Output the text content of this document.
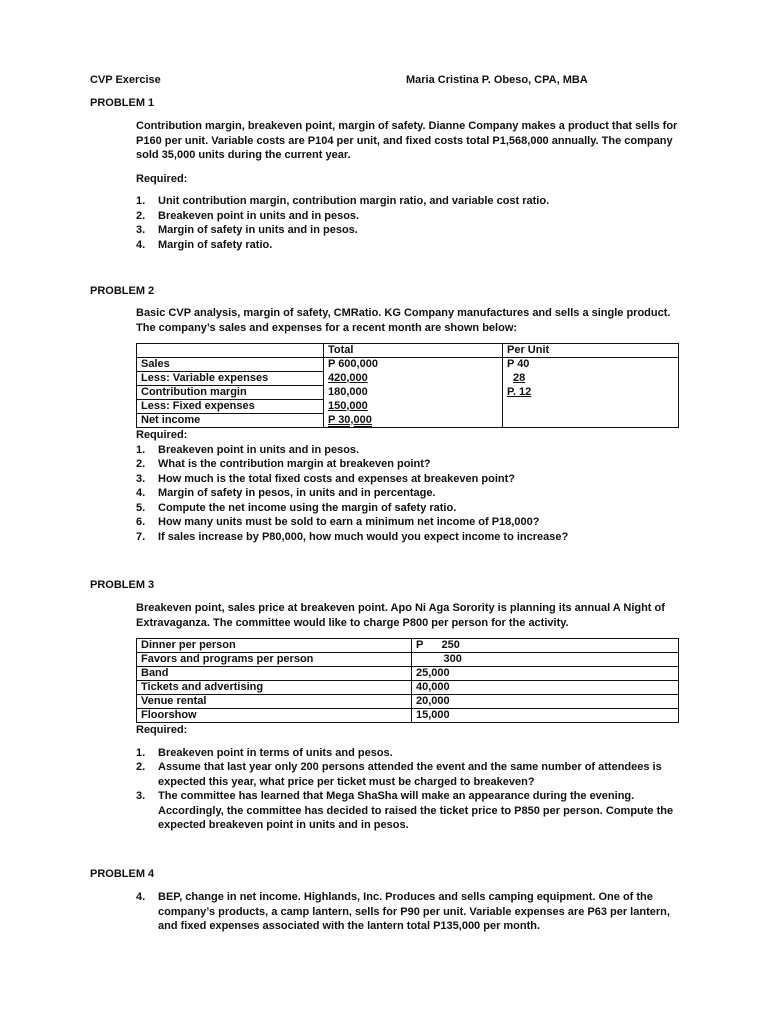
CVP Exercise	Maria Cristina P. Obeso, CPA, MBA
PROBLEM 1

Contribution margin, breakeven point, margin of safety. Dianne Company makes a product that sells for P160 per unit. Variable costs are P104 per unit, and fixed costs total P1,568,000 annually. The company sold 35,000 units during the current year.

Required:

1. Unit contribution margin, contribution margin ratio, and variable cost ratio.
2. Breakeven point in units and in pesos.
3. Margin of safety in units and in pesos.
4. Margin of safety ratio.
PROBLEM 2

Basic CVP analysis, margin of safety, CMRatio. KG Company manufactures and sells a single product. The company’s sales and expenses for a recent month are shown below:

	Total	Per Unit
Sales	P 600,000	P 40
Less: Variable expenses	420,000	28
Contribution margin	180,000	P. 12
Less: Fixed expenses	150,000	
Net income	P 30,000	

Required:

1. Breakeven point in units and in pesos.
2. What is the contribution margin at breakeven point?
3. How much is the total fixed costs and expenses at breakeven point?
4. Margin of safety in pesos, in units and in percentage.
5. Compute the net income using the margin of safety ratio.
6. How many units must be sold to earn a minimum net income of P18,000?
7. If sales increase by P80,000, how much would you expect income to increase?
PROBLEM 3

Breakeven point, sales price at breakeven point. Apo Ni Aga Sorority is planning its annual A Night of Extravaganza. The committee would like to charge P800 per person for the activity.

Dinner per person	P      250
Favors and programs per person	300
Band	25,000
Tickets and advertising	40,000
Venue rental	20,000
Floorshow	15,000

Required:

1. Breakeven point in terms of units and pesos.
2. Assume that last year only 200 persons attended the event and the same number of attendees is expected this year, what price per ticket must be charged to breakeven?
3. The committee has learned that Mega ShaSha will make an appearance during the evening. Accordingly, the committee has decided to raised the ticket price to P850 per person. Compute the expected breakeven point in units and in pesos.
PROBLEM 4
4. BEP, change in net income. Highlands, Inc. Produces and sells camping equipment. One of the company’s products, a camp lantern, sells for P90 per unit. Variable expenses are P63 per lantern, and fixed expenses associated with the lantern total P135,000 per month.
